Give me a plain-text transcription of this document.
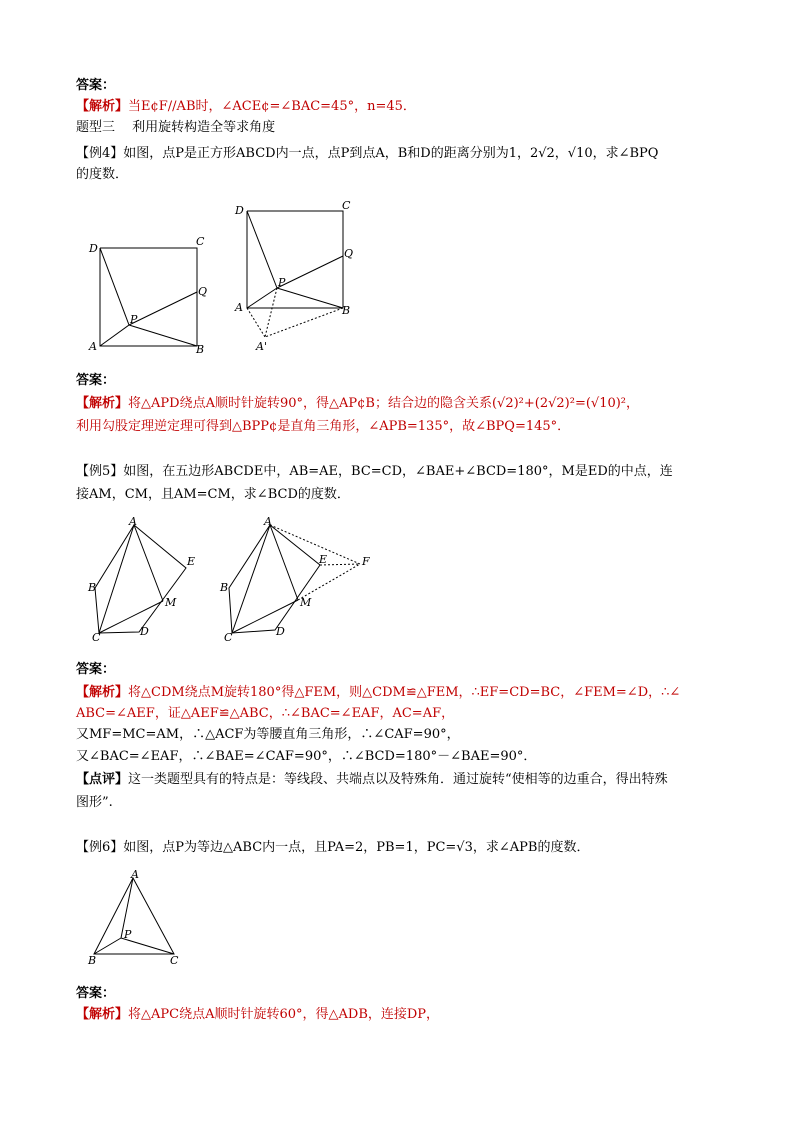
答案：
【解析】当E¢F//AB时，∠ACE¢=∠BAC=45°，n=45．
题型三　 利用旋转构造全等求角度
【例4】如图，点P是正方形ABCD内一点，点P到点A，B和D的距离分别为1，2√2，√10，求∠BPQ
的度数．
D
C
Q
P
A	B
D	C
Q
P
A	B
A'
答案：
【解析】将△APD绕点A顺时针旋转90°，得△AP¢B；结合边的隐含关系(√2)²+(2√2)²=(√10)²，
利用勾股定理逆定理可得到△BPP¢是直角三角形，∠APB=135°，故∠BPQ=145°．
【例5】如图，在五边形ABCDE中，AB=AE，BC=CD，∠BAE+∠BCD=180°，M是ED的中点，连
接AM，CM，且AM=CM，求∠BCD的度数．
A
E
M
B
D
C
A
E	F
M
B
D
C
答案：
【解析】将△CDM绕点M旋转180°得△FEM，则△CDM≌△FEM，∴EF=CD=BC，∠FEM=∠D，∴∠
ABC=∠AEF，证△AEF≌△ABC，∴∠BAC=∠EAF，AC=AF，
又MF=MC=AM，∴△ACF为等腰直角三角形，∴∠CAF=90°，
又∠BAC=∠EAF，∴∠BAE=∠CAF=90°，∴∠BCD=180°－∠BAE=90°．
【点评】这一类题型具有的特点是：等线段、共端点以及特殊角．通过旋转“使相等的边重合，得出特殊
图形”.
【例6】如图，点P为等边△ABC内一点，且PA=2，PB=1，PC=√3，求∠APB的度数．
A
P
B	C
答案：
【解析】将△APC绕点A顺时针旋转60°，得△ADB，连接DP，
